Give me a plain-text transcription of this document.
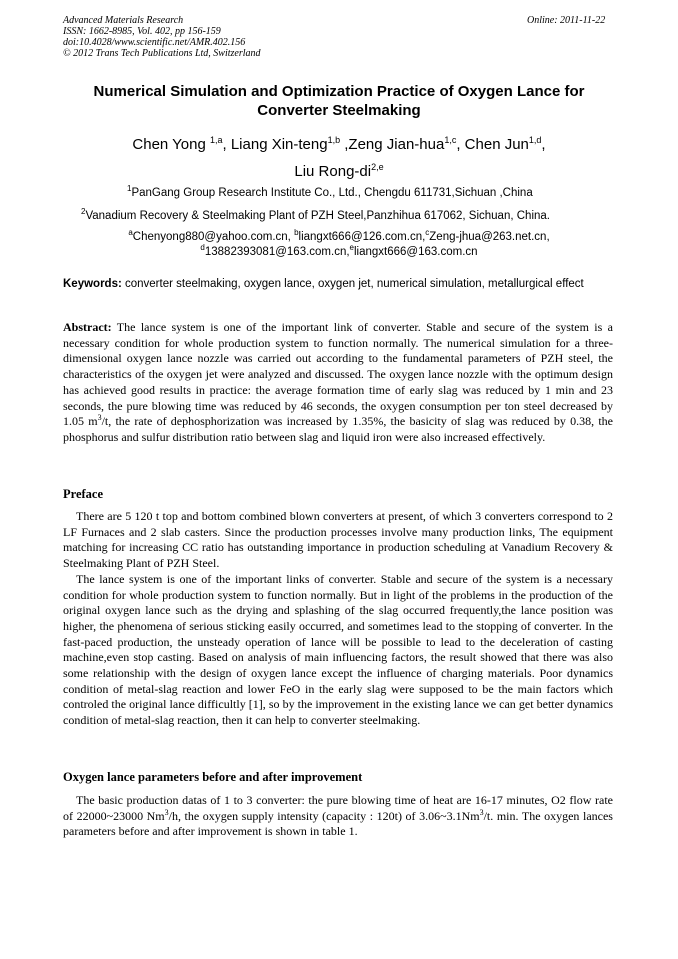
Advanced Materials Research
ISSN: 1662-8985, Vol. 402, pp 156-159
doi:10.4028/www.scientific.net/AMR.402.156
© 2012 Trans Tech Publications Ltd, Switzerland
Online: 2011-11-22
Numerical Simulation and Optimization Practice of Oxygen Lance for Converter Steelmaking
Chen Yong $^{1,a}$, Liang Xin-teng$^{1,b}$ ,Zeng Jian-hua$^{1,c}$, Chen Jun$^{1,d}$,
Liu Rong-di$^{2,e}$
$^1$PanGang Group Research Institute Co., Ltd., Chengdu 611731,Sichuan ,China
$^2$Vanadium Recovery & Steelmaking Plant of PZH Steel,Panzhihua 617062, Sichuan, China.
$^a$Chenyong880@yahoo.com.cn, $^b$liangxt666@126.com.cn,$^c$Zeng-jhua@263.net.cn,
$^d$13882393081@163.com.cn,$^e$liangxt666@163.com.cn
Keywords: converter steelmaking, oxygen lance, oxygen jet, numerical simulation, metallurgical effect
Abstract: The lance system is one of the important link of converter. Stable and secure of the system is a necessary condition for whole production system to function normally. The numerical simulation for a three-dimensional oxygen lance nozzle was carried out according to the fundamental parameters of PZH steel, the characteristics of the oxygen jet were analyzed and discussed. The oxygen lance nozzle with the optimum design has achieved good results in practice: the average formation time of early slag was reduced by 1 min and 23 seconds, the pure blowing time was reduced by 46 seconds, the oxygen consumption per ton steel decreased by 1.05 $m^3/t$, the rate of dephosphorization was increased by 1.35%, the basicity of slag was reduced by 0.38, the phosphorus and sulfur distribution ratio between slag and liquid iron were also increased effectively.
Preface

There are 5 120 t top and bottom combined blown converters at present, of which 3 converters correspond to 2 LF Furnaces and 2 slab casters. Since the production processes involve many production links, The equipment matching for increasing CC ratio has outstanding importance in production scheduling at Vanadium Recovery & Steelmaking Plant of PZH Steel.

The lance system is one of the important links of converter. Stable and secure of the system is a necessary condition for whole production system to function normally. But in light of the problems in the production of the original oxygen lance such as the drying and splashing of the slag occurred frequently,the lance position was higher, the phenomena of serious sticking easily occurred, and sometimes lead to the stopping of converter. In the fast-paced production, the unsteady operation of lance will be possible to lead to the deceleration of casting machine,even stop casting. Based on analysis of main influencing factors, the result showed that there was also some relationship with the design of oxygen lance except the influence of charging materials. Poor dynamics condition of metal-slag reaction and lower FeO in the early slag were supposed to be the main factors which controled the original lance difficultly [1], so by the improvement in the existing lance we can get better dynamics condition of metal-slag reaction, then it can help to converter steelmaking.

Oxygen lance parameters before and after improvement

The basic production datas of 1 to 3 converter: the pure blowing time of heat are 16-17 minutes, O2 flow rate of 22000~23000 Nm$^3$/h, the oxygen supply intensity (capacity : 120t) of 3.06~3.1Nm$^3$/t. min. The oxygen lances parameters before and after improvement is shown in table 1.
